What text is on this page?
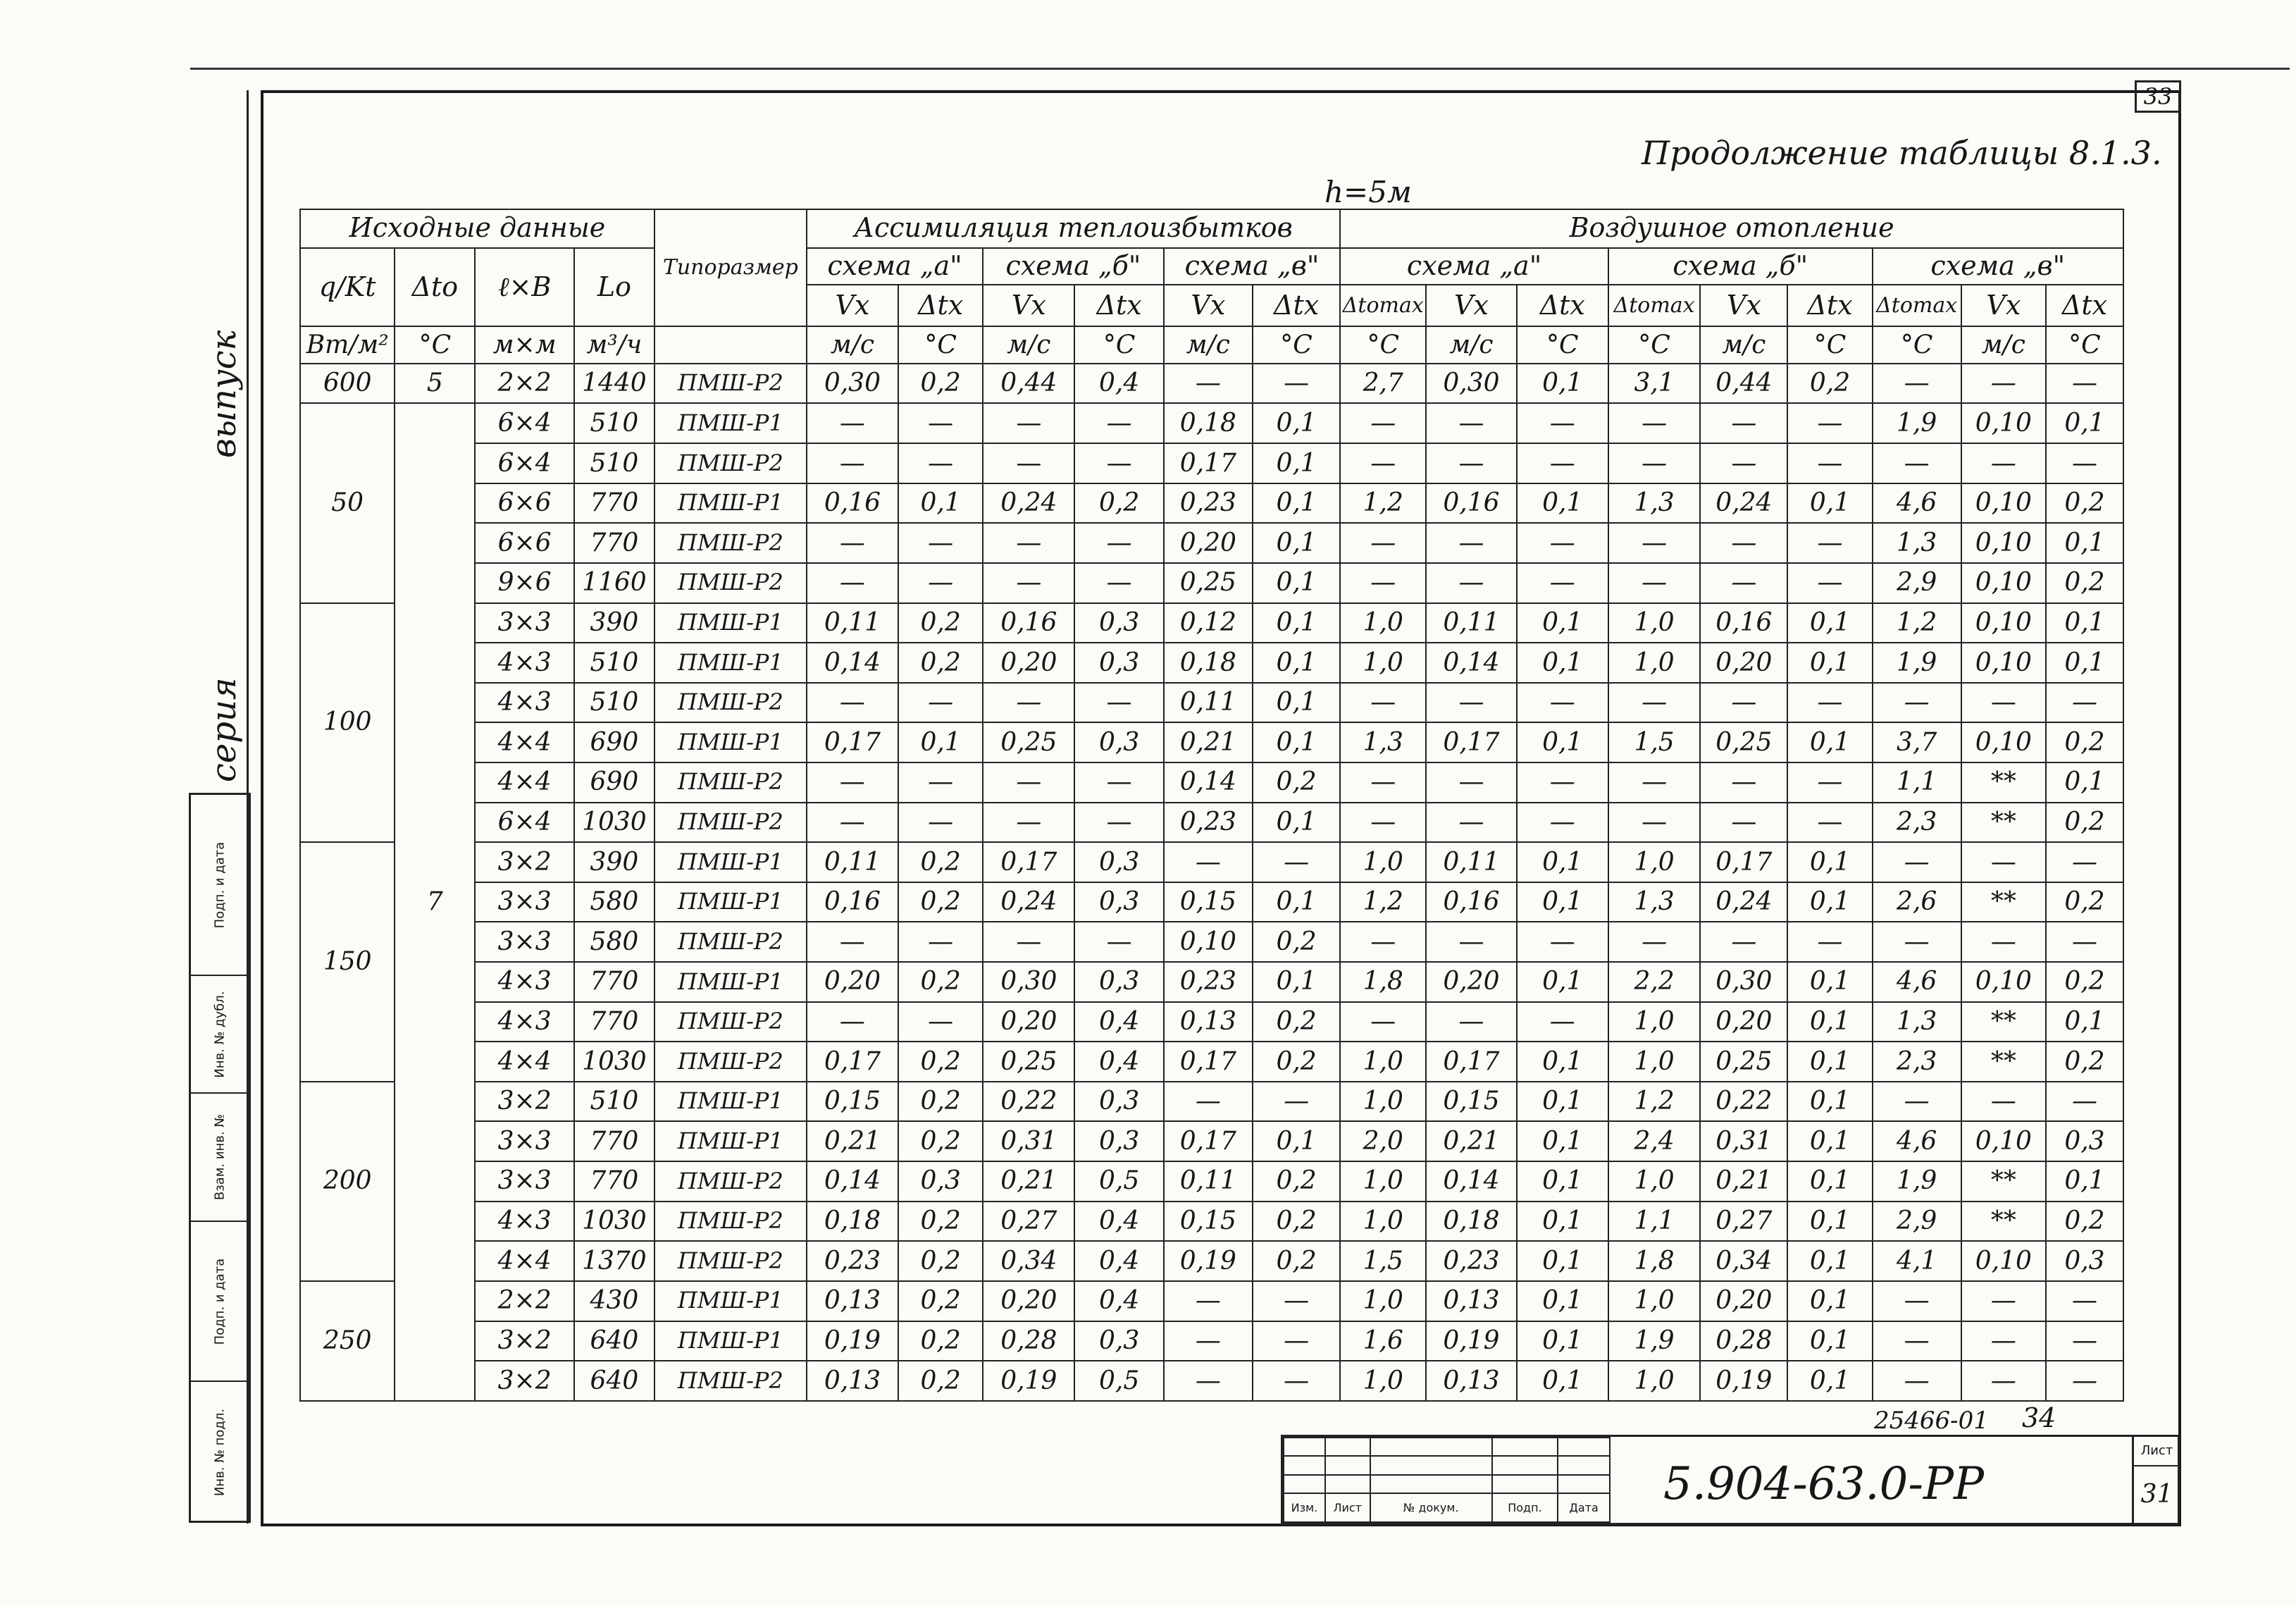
33
Продолжение таблицы 8.1.3.
h=5м
выпуск
серия
Подп. и дата
Инв. № дубл.
Взам. инв. №
Подп. и дата
Инв. № подл.
Исходные данные				Типоразмер	Ассимиляция теплоизбытков						Воздушное отопление								
q/Kt	Δto	ℓ×B	Lo		схема „а"		схема „б"		схема „в"		схема „а"			схема „б"			схема „в"		
					Vx	Δtx	Vx	Δtx	Vx	Δtx	Δtomax	Vx	Δtx	Δtomax	Vx	Δtx	Δtomax	Vx	Δtx
Вт/м²	°С	м×м	м³/ч		м/с	°С	м/с	°С	м/с	°С	°С	м/с	°С	°С	м/с	°С	°С	м/с	°С
600	5	2×2	1440	ПМШ-Р2	0,30	0,2	0,44	0,4	—	—	2,7	0,30	0,1	3,1	0,44	0,2	—	—	—
50	7	6×4	510	ПМШ-Р1	—	—	—	—	0,18	0,1	—	—	—	—	—	—	1,9	0,10	0,1
		6×4	510	ПМШ-Р2	—	—	—	—	0,17	0,1	—	—	—	—	—	—	—	—	—
		6×6	770	ПМШ-Р1	0,16	0,1	0,24	0,2	0,23	0,1	1,2	0,16	0,1	1,3	0,24	0,1	4,6	0,10	0,2
		6×6	770	ПМШ-Р2	—	—	—	—	0,20	0,1	—	—	—	—	—	—	1,3	0,10	0,1
		9×6	1160	ПМШ-Р2	—	—	—	—	0,25	0,1	—	—	—	—	—	—	2,9	0,10	0,2
100		3×3	390	ПМШ-Р1	0,11	0,2	0,16	0,3	0,12	0,1	1,0	0,11	0,1	1,0	0,16	0,1	1,2	0,10	0,1
		4×3	510	ПМШ-Р1	0,14	0,2	0,20	0,3	0,18	0,1	1,0	0,14	0,1	1,0	0,20	0,1	1,9	0,10	0,1
		4×3	510	ПМШ-Р2	—	—	—	—	0,11	0,1	—	—	—	—	—	—	—	—	—
		4×4	690	ПМШ-Р1	0,17	0,1	0,25	0,3	0,21	0,1	1,3	0,17	0,1	1,5	0,25	0,1	3,7	0,10	0,2
		4×4	690	ПМШ-Р2	—	—	—	—	0,14	0,2	—	—	—	—	—	—	1,1	**	0,1
		6×4	1030	ПМШ-Р2	—	—	—	—	0,23	0,1	—	—	—	—	—	—	2,3	**	0,2
150		3×2	390	ПМШ-Р1	0,11	0,2	0,17	0,3	—	—	1,0	0,11	0,1	1,0	0,17	0,1	—	—	—
		3×3	580	ПМШ-Р1	0,16	0,2	0,24	0,3	0,15	0,1	1,2	0,16	0,1	1,3	0,24	0,1	2,6	**	0,2
		3×3	580	ПМШ-Р2	—	—	—	—	0,10	0,2	—	—	—	—	—	—	—	—	—
		4×3	770	ПМШ-Р1	0,20	0,2	0,30	0,3	0,23	0,1	1,8	0,20	0,1	2,2	0,30	0,1	4,6	0,10	0,2
		4×3	770	ПМШ-Р2	—	—	0,20	0,4	0,13	0,2	—	—	—	1,0	0,20	0,1	1,3	**	0,1
		4×4	1030	ПМШ-Р2	0,17	0,2	0,25	0,4	0,17	0,2	1,0	0,17	0,1	1,0	0,25	0,1	2,3	**	0,2
200		3×2	510	ПМШ-Р1	0,15	0,2	0,22	0,3	—	—	1,0	0,15	0,1	1,2	0,22	0,1	—	—	—
		3×3	770	ПМШ-Р1	0,21	0,2	0,31	0,3	0,17	0,1	2,0	0,21	0,1	2,4	0,31	0,1	4,6	0,10	0,3
		3×3	770	ПМШ-Р2	0,14	0,3	0,21	0,5	0,11	0,2	1,0	0,14	0,1	1,0	0,21	0,1	1,9	**	0,1
		4×3	1030	ПМШ-Р2	0,18	0,2	0,27	0,4	0,15	0,2	1,0	0,18	0,1	1,1	0,27	0,1	2,9	**	0,2
		4×4	1370	ПМШ-Р2	0,23	0,2	0,34	0,4	0,19	0,2	1,5	0,23	0,1	1,8	0,34	0,1	4,1	0,10	0,3
250		2×2	430	ПМШ-Р1	0,13	0,2	0,20	0,4	—	—	1,0	0,13	0,1	1,0	0,20	0,1	—	—	—
		3×2	640	ПМШ-Р1	0,19	0,2	0,28	0,3	—	—	1,6	0,19	0,1	1,9	0,28	0,1	—	—	—
		3×2	640	ПМШ-Р2	0,13	0,2	0,19	0,5	—	—	1,0	0,13	0,1	1,0	0,19	0,1	—	—	—
25466-01 34

Изм.	Лист	№ докум.	Подп.	Дата 5.904-63.0-РР
Лист
31
